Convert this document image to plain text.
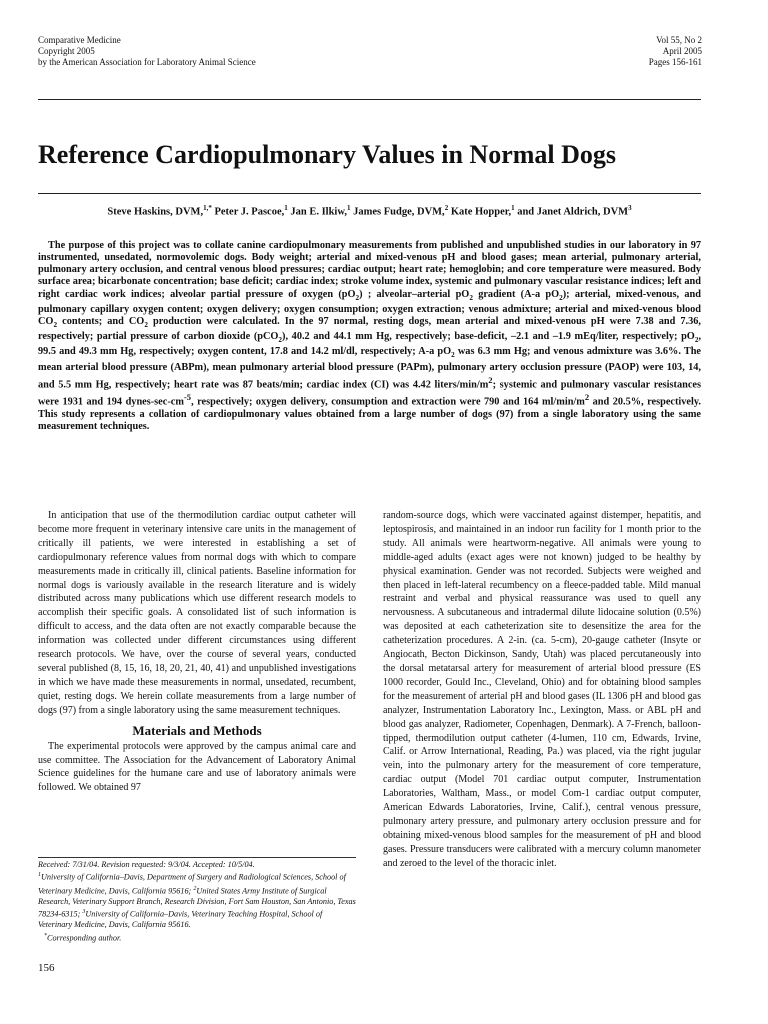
Comparative Medicine
Copyright 2005
by the American Association for Laboratory Animal Science
Vol 55, No 2
April 2005
Pages 156-161
Reference Cardiopulmonary Values in Normal Dogs
Steve Haskins, DVM,$^{1,*}$ Peter J. Pascoe,$^1$ Jan E. Ilkiw,$^1$ James Fudge, DVM,$^2$ Kate Hopper,$^1$ and Janet Aldrich, DVM$^3$

The purpose of this project was to collate canine cardiopulmonary measurements from published and unpublished studies in our laboratory in 97 instrumented, unsedated, normovolemic dogs. Body weight; arterial and mixed-venous pH and blood gases; mean arterial, pulmonary arterial, pulmonary artery occlusion, and central venous blood pressures; cardiac output; heart rate; hemoglobin; and core temperature were measured. Body surface area; bicarbonate concentration; base deficit; cardiac index; stroke volume index, systemic and pulmonary vascular resistance indices; left and right cardiac work indices; alveolar partial pressure of oxygen $(pO_2)$ ; alveolar–arterial $pO_2$ gradient (A-a $pO_2$); arterial, mixed-venous, and pulmonary capillary oxygen content; oxygen delivery; oxygen consumption; oxygen extraction; venous admixture; arterial and mixed-venous blood $CO_2$ contents; and $CO_2$ production were calculated. In the 97 normal, resting dogs, mean arterial and mixed-venous pH were 7.38 and 7.36, respectively; partial pressure of carbon dioxide (pCO$_2$), 40.2 and 44.1 mm Hg, respectively; base-deficit, –2.1 and –1.9 mEq/liter, respectively; $pO_2$, 99.5 and 49.3 mm Hg, respectively; oxygen content, 17.8 and 14.2 ml/dl, respectively; A-a $pO_2$ was 6.3 mm Hg; and venous admixture was 3.6%. The mean arterial blood pressure (ABPm), mean pulmonary arterial blood pressure (PAPm), pulmonary artery occlusion pressure (PAOP) were 103, 14, and 5.5 mm Hg, respectively; heart rate was 87 beats/min; cardiac index (CI) was 4.42 liters/$\min/m^2$; systemic and pulmonary vascular resistances were 1931 and 194 dynes-$\sec-cm^{-5}$, respectively; oxygen delivery, consumption and extraction were 790 and 164 $ml/\min/m^2$ and 20.5%, respectively. This study represents a collation of cardiopulmonary values obtained from a large number of dogs (97) from a single laboratory using the same measurement techniques.

In anticipation that use of the thermodilution cardiac output catheter will become more frequent in veterinary intensive care units in the management of critically ill patients, we were interested in establishing a set of cardiopulmonary reference values from normal dogs with which to compare measurements made in critically ill, clinical patients. Baseline information for normal dogs is variously available in the research literature and is widely distributed across many publications which use different research models to accomplish their specific goals. A consolidated list of such information is difficult to access, and the data often are not exactly comparable because the information was collected under different circumstances using different research protocols. We have, over the course of several years, conducted several published (8, 15, 16, 18, 20, 21, 40, 41) and unpublished investigations in which we have made these measurements in normal, unsedated, recumbent, quiet, resting dogs. We herein collate measurements from a large number of dogs (97) from a single laboratory using the same measurement techniques.

Materials and Methods

The experimental protocols were approved by the campus animal care and use committee. The Association for the Advancement of Laboratory Animal Science guidelines for the humane care and use of laboratory animals were followed. We obtained 97

random-source dogs, which were vaccinated against distemper, hepatitis, and leptospirosis, and maintained in an indoor run facility for 1 month prior to the study. All animals were heartworm-negative. All animals were young to middle-aged adults (exact ages were not known) judged to be healthy by physical examination. Gender was not recorded. Subjects were weighed and then placed in left-lateral recumbency on a fleece-padded table. Mild manual restraint and verbal and physical reassurance was used to quell any nervousness. A subcutaneous and intradermal dilute lidocaine solution (0.5%) was deposited at each catheterization site to desensitize the area for the catheterization procedures. A 2-in. (ca. 5-cm), 20-gauge catheter (Insyte or Angiocath, Becton Dickinson, Sandy, Utah) was placed percutaneously into the dorsal metatarsal artery for measurement of arterial blood pressure (ES 1000 recorder, Gould Inc., Cleveland, Ohio) and for obtaining blood samples for the measurement of arterial pH and blood gases (IL 1306 pH and blood gas analyzer, Instrumentation Laboratory Inc., Lexington, Mass. or ABL pH and blood gas analyzer, Radiometer, Copenhagen, Denmark). A 7-French, balloon-tipped, thermodilution output catheter (4-lumen, 110 cm, Edwards, Irvine, Calif. or Arrow International, Reading, Pa.) was placed, via the right jugular vein, into the pulmonary artery for the measurement of core temperature, cardiac output (Model 701 cardiac output computer, Instrumentation Laboratories, Waltham, Mass., or model Com-1 cardiac output computer, American Edwards Laboratories, Irvine, Calif.), central venous pressure, pulmonary artery pressure, and pulmonary artery occlusion pressure and for obtaining mixed-venous blood samples for the measurement of pH and blood gases. Pressure transducers were calibrated with a mercury column manometer and zeroed to the level of the thoracic inlet.

Received: 7/31/04. Revision requested: 9/3/04. Accepted: 10/5/04.
$^1$University of California–Davis, Department of Surgery and Radiological Sciences, School of Veterinary Medicine, Davis, California 95616; $^2$United States Army Institute of Surgical Research, Veterinary Support Branch, Research Division, Fort Sam Houston, San Antonio, Texas 78234-6315; $^3$University of California–Davis, Veterinary Teaching Hospital, School of Veterinary Medicine, Davis, California 95616.
*Corresponding author.
156
